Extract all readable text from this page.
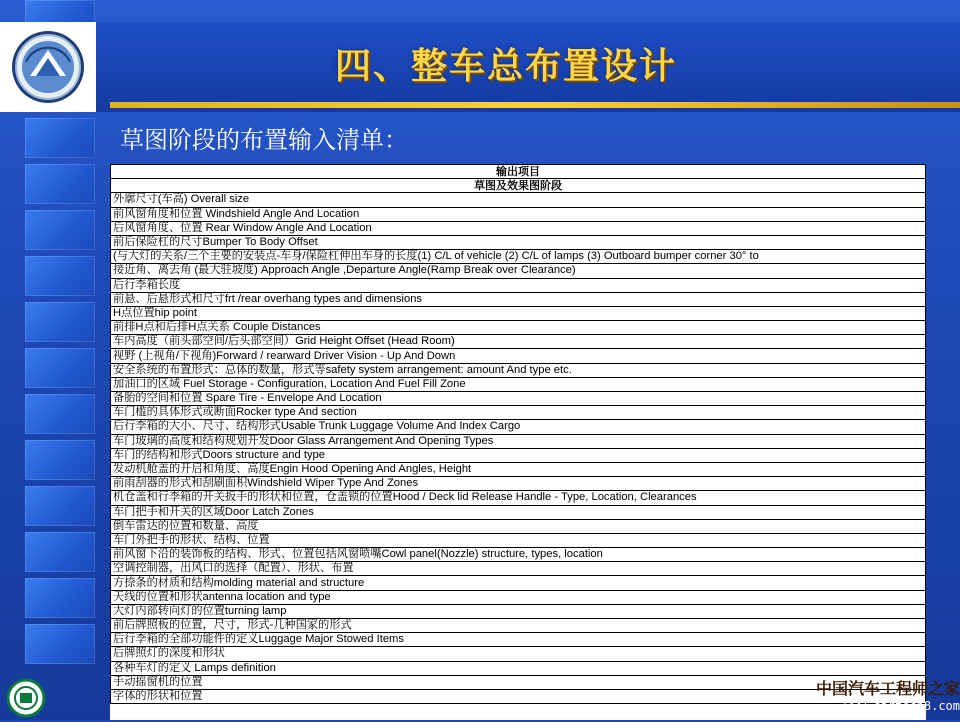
四、整车总布置设计
草图阶段的布置输入清单：
输出项目
草图及效果图阶段
外廓尺寸(车高) Overall size
前风窗角度和位置 Windshield Angle And Location
后风窗角度、位置 Rear Window Angle And Location
前后保险杠的尺寸Bumper To Body Offset
(与大灯的关系/三个主要的安装点-车身/保险杠伸出车身的长度(1) C/L of vehicle (2) C/L of lamps (3) Outboard bumper corner 30° to
接近角、离去角 (最大驻坡度) Approach Angle ,Departure Angle(Ramp Break over Clearance)
后行李箱长度
前悬、后悬形式和尺寸frt /rear overhang types and dimensions
H点位置hip point
前排H点和后排H点关系 Couple Distances
车内高度（前头部空间/后头部空间）Grid Height Offset (Head Room)
视野 (上视角/下视角)Forward / rearward Driver Vision - Up And Down
安全系统的布置形式：总体的数量，形式等safety system arrangement: amount And type etc.
加油口的区域 Fuel Storage - Configuration, Location And Fuel Fill Zone
备胎的空间和位置 Spare Tire - Envelope And Location
车门槛的具体形式或断面Rocker type And section
后行李箱的大小、尺寸、结构形式Usable Trunk Luggage Volume And Index Cargo
车门玻璃的高度和结构规划开发Door Glass Arrangement And Opening Types
车门的结构和形式Doors structure and type
发动机舱盖的开启和角度、高度Engin Hood Opening And Angles, Height
前雨刮器的形式和刮刷面积Windshield Wiper Type And Zones
机仓盖和行李箱的开关扳手的形状和位置，仓盖锁的位置Hood / Deck lid Release Handle - Type, Location, Clearances
车门把手和开关的区域Door Latch Zones
倒车雷达的位置和数量、高度
车门外把手的形状、结构、位置
前风窗下沿的装饰板的结构、形式、位置包括风窗喷嘴Cowl panel(Nozzle) structure, types, location
空调控制器，出风口的选择（配置）、形状、布置
方捺条的材质和结构molding material and structure
天线的位置和形状antenna location and type
大灯内部转向灯的位置turning lamp
前后牌照板的位置，尺寸，形式-几种国家的形式
后行李箱的全部功能件的定义Luggage Major Stowed Items
后牌照灯的深度和形状
各种车灯的定义 Lamps definition
手动摇窗机的位置
字体的形状和位置	中国汽车工程师之家
www.cartech8.com
